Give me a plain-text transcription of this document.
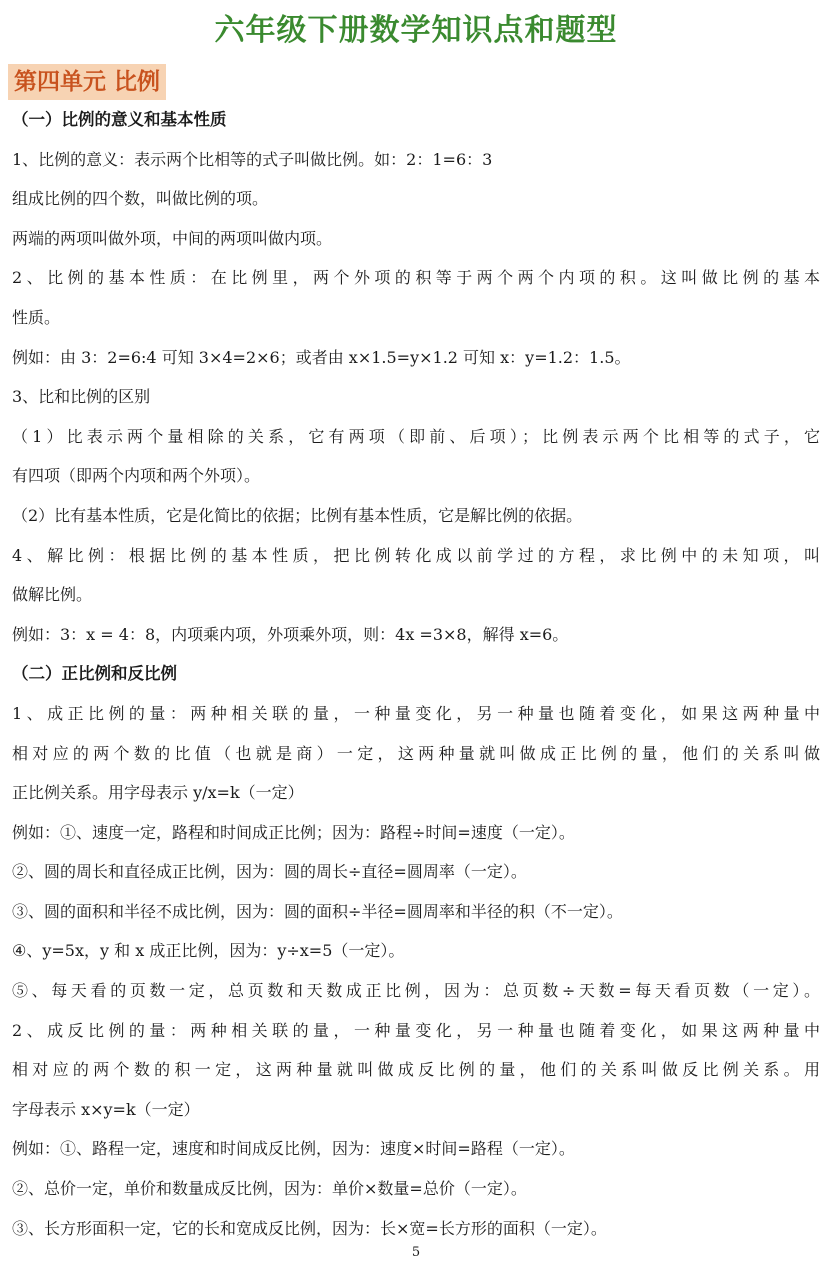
六年级下册数学知识点和题型
第四单元 比例
（一）比例的意义和基本性质
1、比例的意义：表示两个比相等的式子叫做比例。如：2：1=6：3
组成比例的四个数，叫做比例的项。
两端的两项叫做外项，中间的两项叫做内项。
2、比例的基本性质：在比例里，两个外项的积等于两个两个内项的积。这叫做比例的基本
性质。
例如：由 3：2=6:4 可知 3×4=2×6；或者由 x×1.5=y×1.2 可知 x：y=1.2：1.5。
3、比和比例的区别
（1）比表示两个量相除的关系，它有两项（即前、后项）；比例表示两个比相等的式子，它
有四项（即两个内项和两个外项）。
（2）比有基本性质，它是化简比的依据；比例有基本性质，它是解比例的依据。
4、解比例：根据比例的基本性质，把比例转化成以前学过的方程，求比例中的未知项，叫
做解比例。
例如：3：x = 4：8，内项乘内项，外项乘外项，则：4x =3×8，解得 x=6。
（二）正比例和反比例
1、成正比例的量：两种相关联的量，一种量变化，另一种量也随着变化，如果这两种量中
相对应的两个数的比值（也就是商）一定，这两种量就叫做成正比例的量，他们的关系叫做
正比例关系。用字母表示 y/x=k（一定）
例如：①、速度一定，路程和时间成正比例；因为：路程÷时间=速度（一定）。
②、圆的周长和直径成正比例，因为：圆的周长÷直径=圆周率（一定）。
③、圆的面积和半径不成比例，因为：圆的面积÷半径=圆周率和半径的积（不一定）。
④、y=5x，y 和 x 成正比例，因为：y÷x=5（一定）。
⑤、每天看的页数一定，总页数和天数成正比例，因为：总页数÷天数=每天看页数（一定）。
2、成反比例的量：两种相关联的量，一种量变化，另一种量也随着变化，如果这两种量中
相对应的两个数的积一定，这两种量就叫做成反比例的量，他们的关系叫做反比例关系。用
字母表示 x×y=k（一定）
例如：①、路程一定，速度和时间成反比例，因为：速度×时间=路程（一定）。
②、总价一定，单价和数量成反比例，因为：单价×数量=总价（一定）。
③、长方形面积一定，它的长和宽成反比例，因为：长×宽=长方形的面积（一定）。
5
